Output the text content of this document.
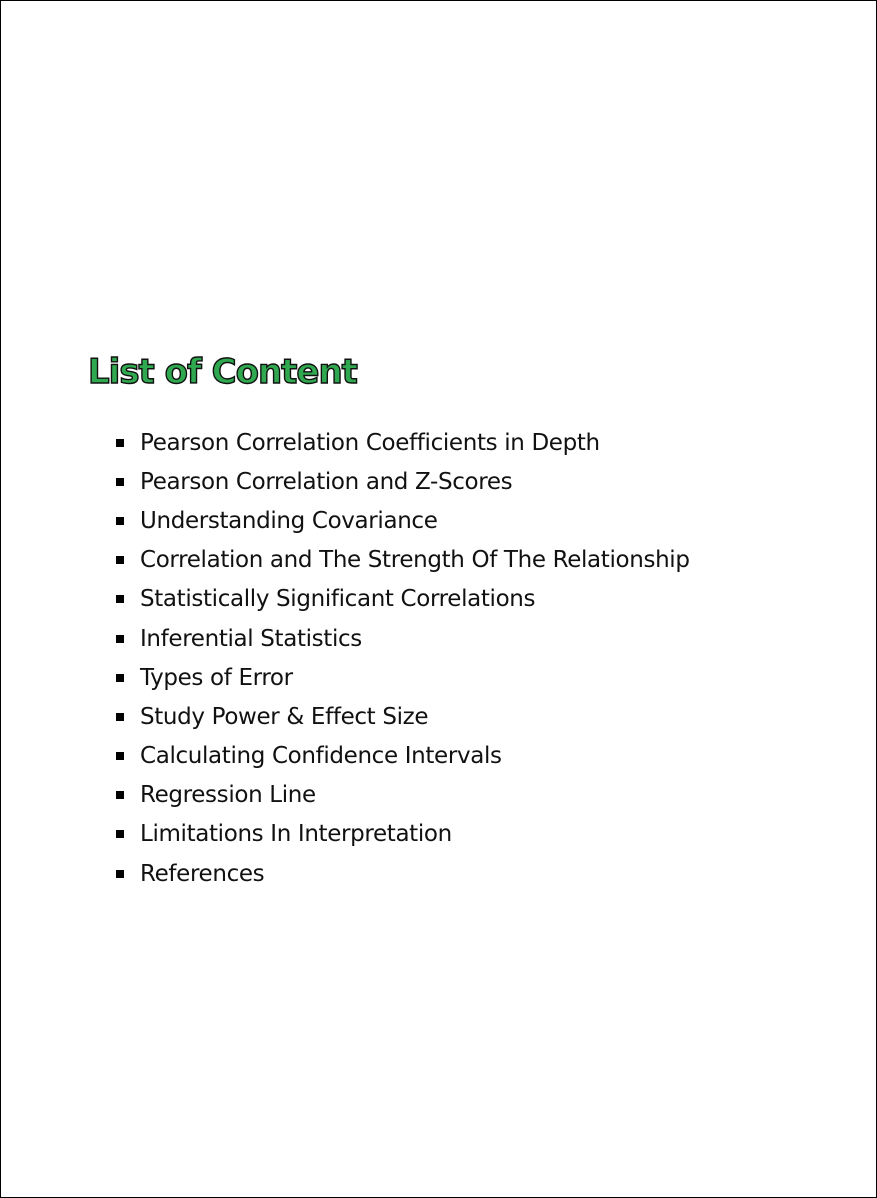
List of Content
Pearson Correlation Coefficients in Depth
Pearson Correlation and Z-Scores
Understanding Covariance
Correlation and The Strength Of The Relationship
Statistically Significant Correlations
Inferential Statistics
Types of Error
Study Power & Effect Size
Calculating Confidence Intervals
Regression Line
Limitations In Interpretation
References
